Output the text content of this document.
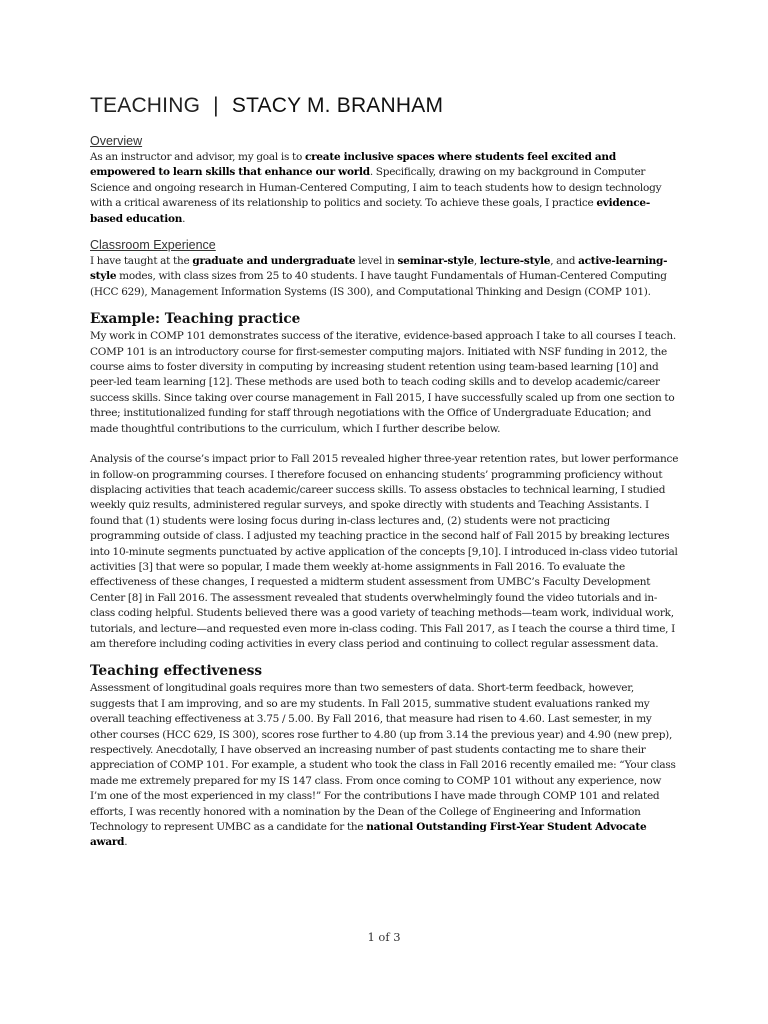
TEACHING | STACY M. BRANHAM
Overview

As an instructor and advisor, my goal is to create inclusive spaces where students feel excited and empowered to learn skills that enhance our world. Specifically, drawing on my background in Computer Science and ongoing research in Human-Centered Computing, I aim to teach students how to design technology with a critical awareness of its relationship to politics and society. To achieve these goals, I practice evidence-based education.

Classroom Experience

I have taught at the graduate and undergraduate level in seminar-style, lecture-style, and active-learning-style modes, with class sizes from 25 to 40 students. I have taught Fundamentals of Human-Centered Computing (HCC 629), Management Information Systems (IS 300), and Computational Thinking and Design (COMP 101).

Example: Teaching practice

My work in COMP 101 demonstrates success of the iterative, evidence-based approach I take to all courses I teach. COMP 101 is an introductory course for first-semester computing majors. Initiated with NSF funding in 2012, the course aims to foster diversity in computing by increasing student retention using team-based learning [10] and peer-led team learning [12]. These methods are used both to teach coding skills and to develop academic/career success skills. Since taking over course management in Fall 2015, I have successfully scaled up from one section to three; institutionalized funding for staff through negotiations with the Office of Undergraduate Education; and made thoughtful contributions to the curriculum, which I further describe below.

Analysis of the course’s impact prior to Fall 2015 revealed higher three-year retention rates, but lower performance in follow-on programming courses. I therefore focused on enhancing students’ programming proficiency without displacing activities that teach academic/career success skills. To assess obstacles to technical learning, I studied weekly quiz results, administered regular surveys, and spoke directly with students and Teaching Assistants. I found that (1) students were losing focus during in-class lectures and, (2) students were not practicing programming outside of class. I adjusted my teaching practice in the second half of Fall 2015 by breaking lectures into 10-minute segments punctuated by active application of the concepts [9,10]. I introduced in-class video tutorial activities [3] that were so popular, I made them weekly at-home assignments in Fall 2016. To evaluate the effectiveness of these changes, I requested a midterm student assessment from UMBC’s Faculty Development Center [8] in Fall 2016. The assessment revealed that students overwhelmingly found the video tutorials and in-class coding helpful. Students believed there was a good variety of teaching methods—team work, individual work, tutorials, and lecture—and requested even more in-class coding. This Fall 2017, as I teach the course a third time, I am therefore including coding activities in every class period and continuing to collect regular assessment data.

Teaching effectiveness

Assessment of longitudinal goals requires more than two semesters of data. Short-term feedback, however, suggests that I am improving, and so are my students. In Fall 2015, summative student evaluations ranked my overall teaching effectiveness at 3.75 / 5.00. By Fall 2016, that measure had risen to 4.60. Last semester, in my other courses (HCC 629, IS 300), scores rose further to 4.80 (up from 3.14 the previous year) and 4.90 (new prep), respectively. Anecdotally, I have observed an increasing number of past students contacting me to share their appreciation of COMP 101. For example, a student who took the class in Fall 2016 recently emailed me: “Your class made me extremely prepared for my IS 147 class. From once coming to COMP 101 without any experience, now I’m one of the most experienced in my class!” For the contributions I have made through COMP 101 and related efforts, I was recently honored with a nomination by the Dean of the College of Engineering and Information Technology to represent UMBC as a candidate for the national Outstanding First-Year Student Advocate award.

1 of 3
